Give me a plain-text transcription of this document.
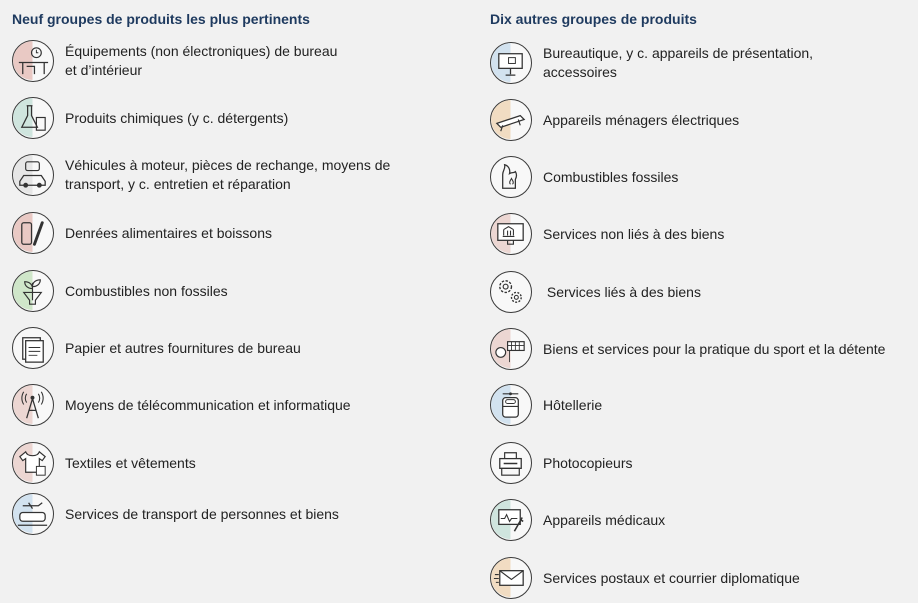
Neuf groupes de produits les plus pertinents
Équipements (non électroniques) de bureau
et d’intérieur
Produits chimiques (y c. détergents)
Véhicules à moteur, pièces de rechange, moyens de
transport, y c. entretien et réparation
Denrées alimentaires et boissons
Combustibles non fossiles
Papier et autres fournitures de bureau
Moyens de télécommunication et informatique
Textiles et vêtements
Services de transport de personnes et biens
Dix autres groupes de produits
Bureautique, y c. appareils de présentation,
accessoires
Appareils ménagers électriques
Combustibles fossiles
Services non liés à des biens
Services liés à des biens
Biens et services pour la pratique du sport et la détente
Hôtellerie
Photocopieurs
Appareils médicaux
Services postaux et courrier diplomatique
